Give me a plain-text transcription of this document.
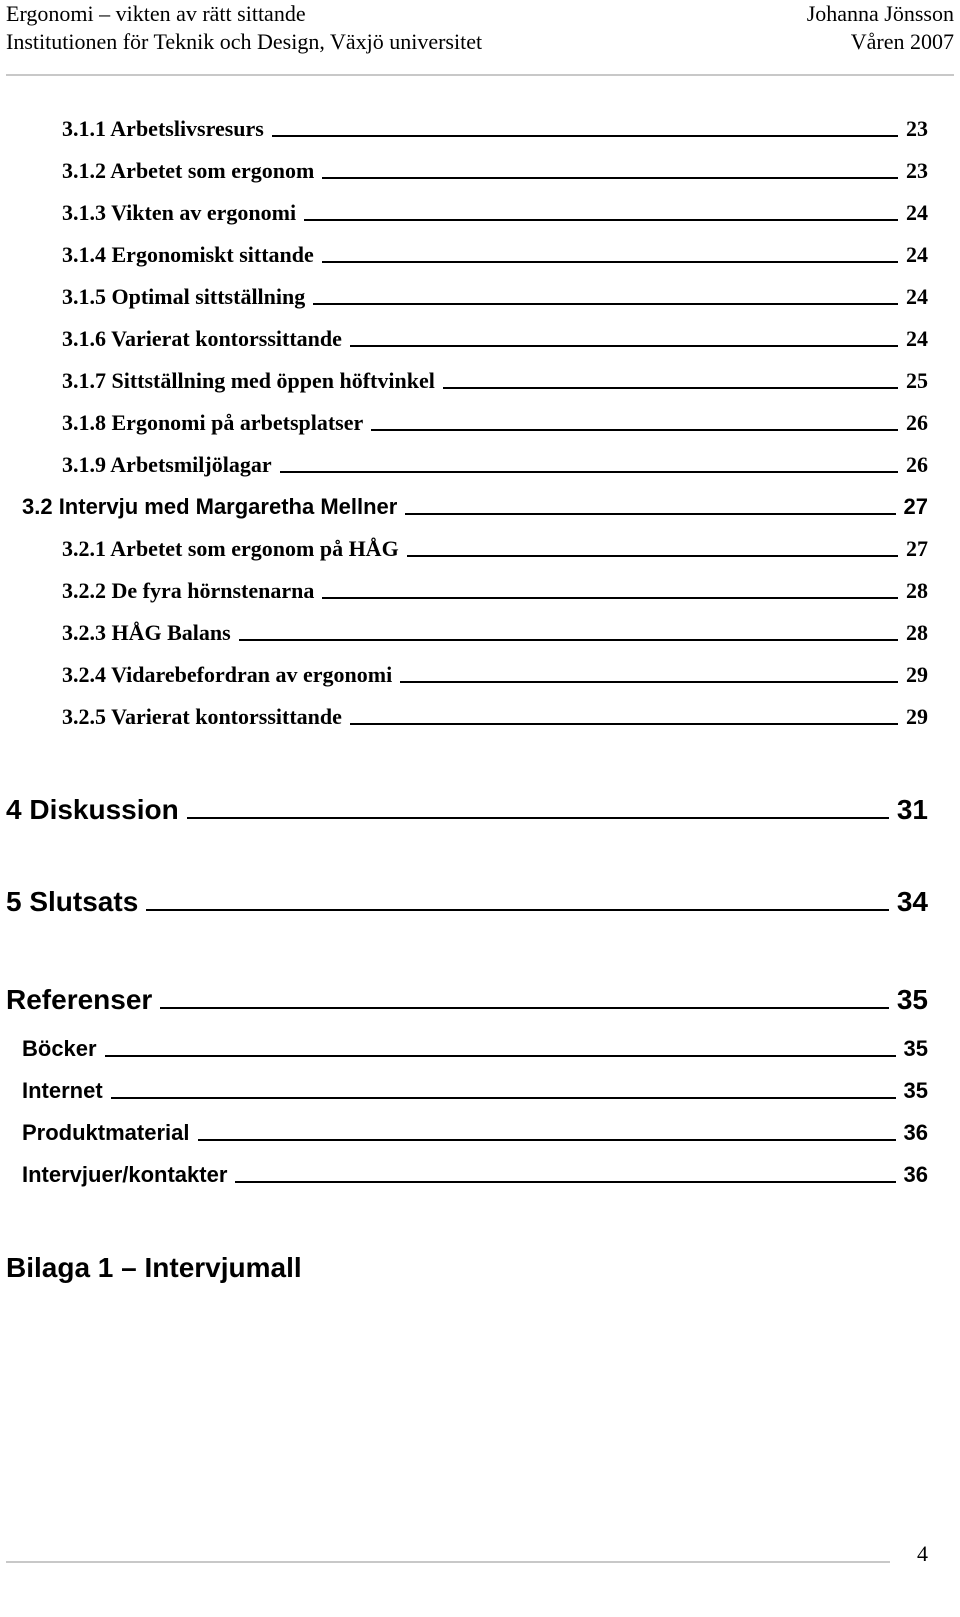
Ergonomi – vikten av rätt sittande	Johanna Jönsson
Institutionen för Teknik och Design, Växjö universitet	Våren 2007
3.1.1 Arbetslivsresurs	23
3.1.2 Arbetet som ergonom	23
3.1.3 Vikten av ergonomi	24
3.1.4 Ergonomiskt sittande	24
3.1.5 Optimal sittställning	24
3.1.6 Varierat kontorssittande	24
3.1.7 Sittställning med öppen höftvinkel	25
3.1.8 Ergonomi på arbetsplatser	26
3.1.9 Arbetsmiljölagar	26
3.2 Intervju med Margaretha Mellner	27
3.2.1 Arbetet som ergonom på HÅG	27
3.2.2 De fyra hörnstenarna	28
3.2.3 HÅG Balans	28
3.2.4 Vidarebefordran av ergonomi	29
3.2.5 Varierat kontorssittande	29
4 Diskussion	31
5 Slutsats	34
Referenser	35
Böcker	35
Internet	35
Produktmaterial	36
Intervjuer/kontakter	36
Bilaga 1 – Intervjumall
4
